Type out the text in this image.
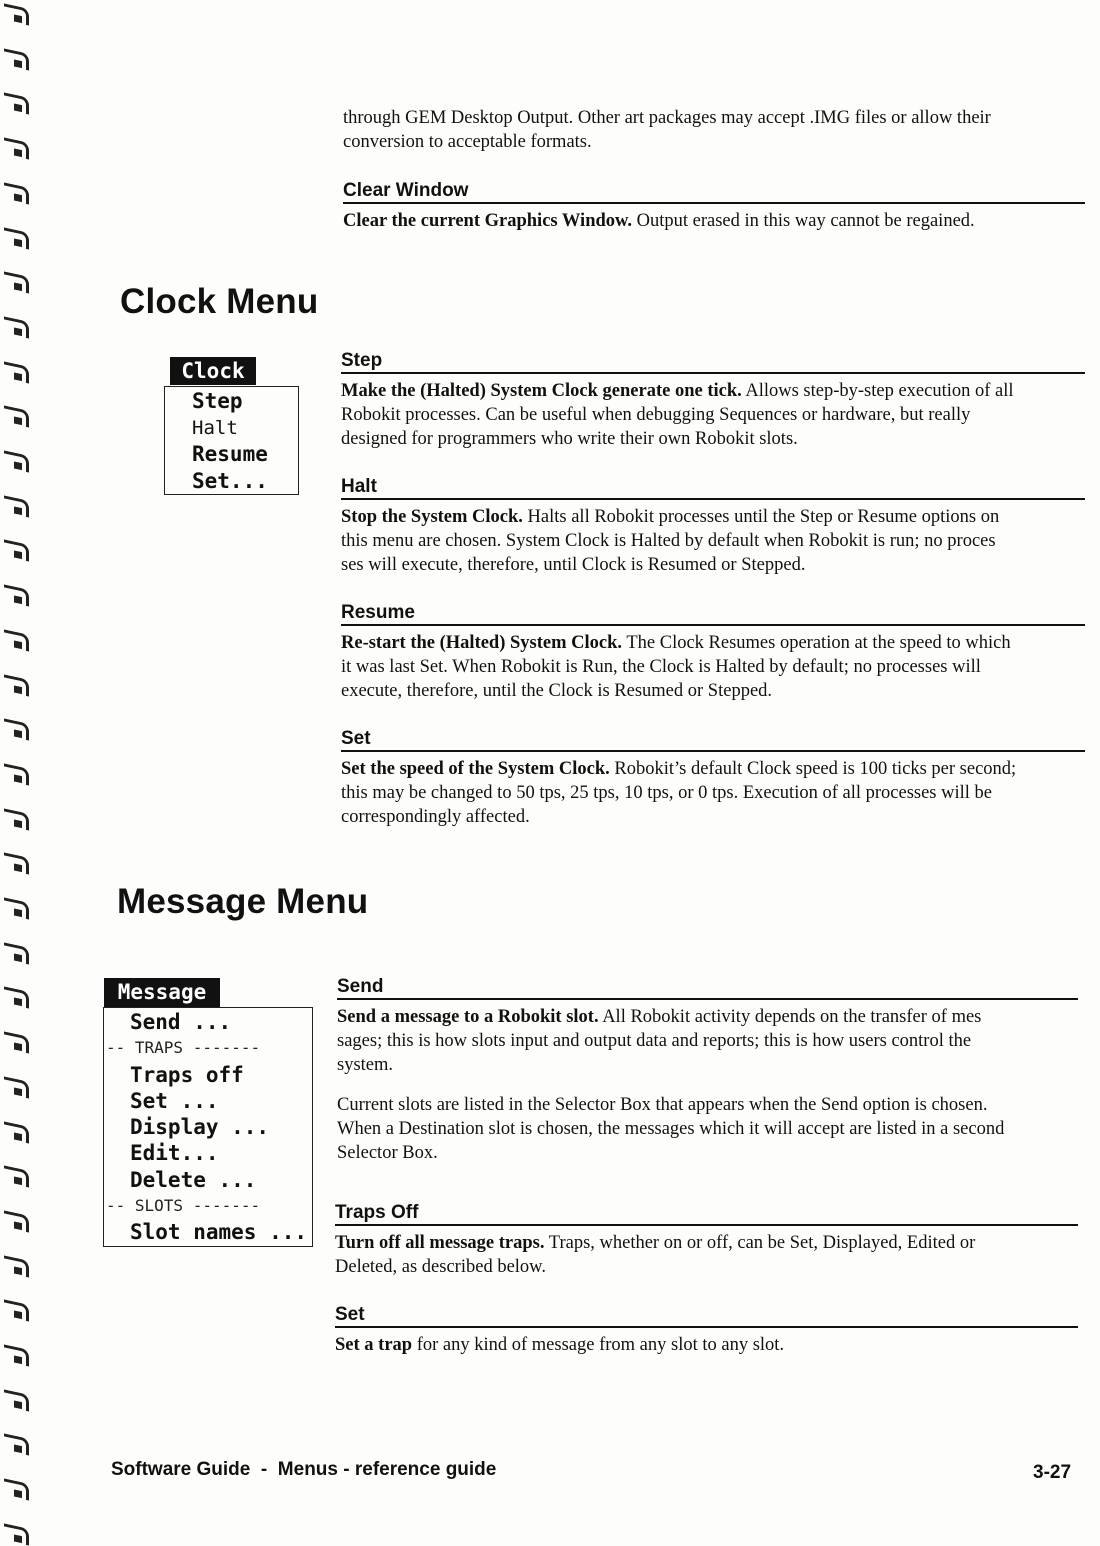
through GEM Desktop Output. Other art packages may accept .IMG files or allow their
conversion to acceptable formats.
Clear Window
Clear the current Graphics Window. Output erased in this way cannot be regained.
Clock Menu
Clock
Step
Halt
Resume
Set...
Step
Make the (Halted) System Clock generate one tick. Allows step-by-step execution of all
Robokit processes. Can be useful when debugging Sequences or hardware, but really
designed for programmers who write their own Robokit slots.
Halt
Stop the System Clock. Halts all Robokit processes until the Step or Resume options on
this menu are chosen. System Clock is Halted by default when Robokit is run; no proces
ses will execute, therefore, until Clock is Resumed or Stepped.
Resume
Re-start the (Halted) System Clock. The Clock Resumes operation at the speed to which
it was last Set. When Robokit is Run, the Clock is Halted by default; no processes will
execute, therefore, until the Clock is Resumed or Stepped.
Set
Set the speed of the System Clock. Robokit’s default Clock speed is 100 ticks per second;
this may be changed to 50 tps, 25 tps, 10 tps, or 0 tps. Execution of all processes will be
correspondingly affected.
Message Menu
Message
Send ...
-- TRAPS -------
Traps off
Set ...
Display ...
Edit...
Delete ...
-- SLOTS -------
Slot names ...
Send
Send a message to a Robokit slot. All Robokit activity depends on the transfer of mes
sages; this is how slots input and output data and reports; this is how users control the
system.
Current slots are listed in the Selector Box that appears when the Send option is chosen.
When a Destination slot is chosen, the messages which it will accept are listed in a second
Selector Box.
Traps Off
Turn off all message traps. Traps, whether on or off, can be Set, Displayed, Edited or
Deleted, as described below.
Set
Set a trap for any kind of message from any slot to any slot.
Software Guide  -  Menus - reference guide	3-27
